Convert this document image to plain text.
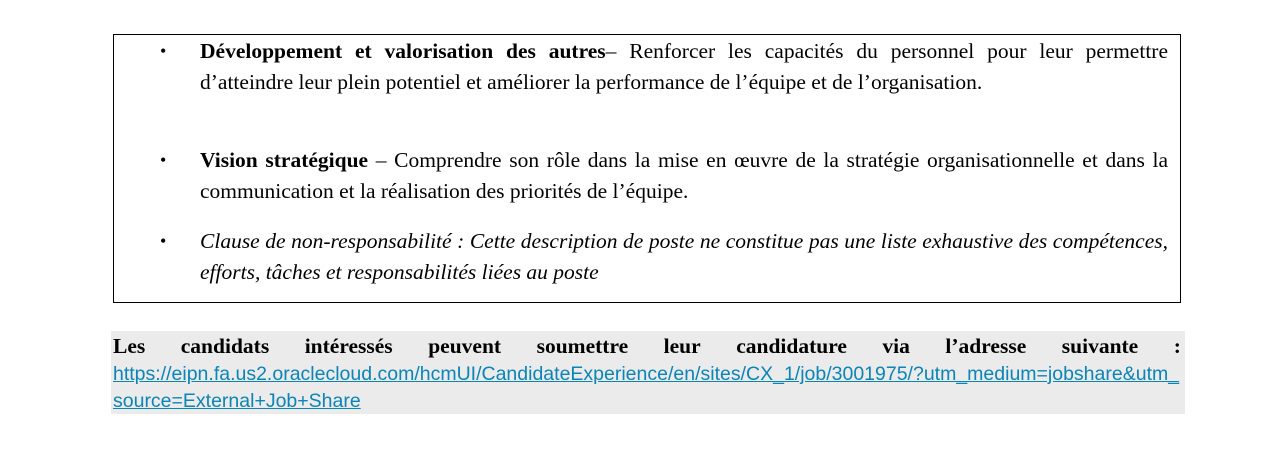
• Développement et valorisation des autres– Renforcer les capacités du personnel pour leur permettre d’atteindre leur plein potentiel et améliorer la performance de l’équipe et de l’organisation.
• Vision stratégique – Comprendre son rôle dans la mise en œuvre de la stratégie organisationnelle et dans la communication et la réalisation des priorités de l’équipe.
• Clause de non-responsabilité : Cette description de poste ne constitue pas une liste exhaustive des compétences, efforts, tâches et responsabilités liées au poste
Les candidats intéressés peuvent soumettre leur candidature via l’adresse suivante :
https://eipn.fa.us2.oraclecloud.com/hcmUI/CandidateExperience/en/sites/CX_1/job/3001975/?utm_medium=jobshare&utm_source=External+Job+Share
